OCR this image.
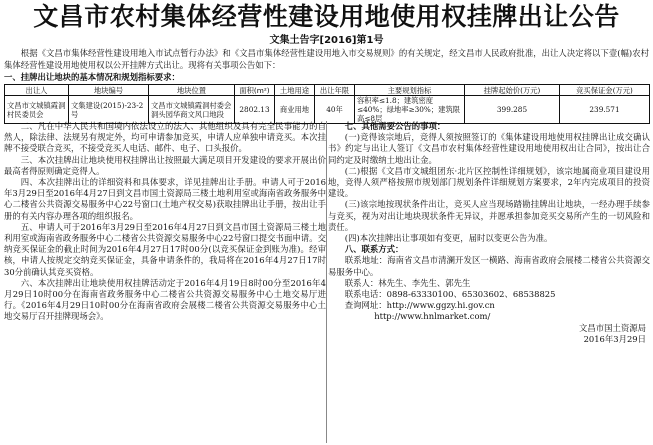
文昌市农村集体经营性建设用地使用权挂牌出让公告
文集土告字[2016]第1号

根据《文昌市集体经营性建设用地入市试点暂行办法》和《文昌市集体经营性建设用地入市交易规则》的有关规定，经文昌市人民政府批准，出让人决定将以下壹(幅)农村集体经营性建设用地使用权以公开挂牌方式出让。现将有关事项公告如下：

一、挂牌出让地块的基本情况和规划指标要求：
出让人	地块编号	地块位置	面积(m²)	土地用途	出让年限	主要规划指标	挂牌起始价(万元)	竞买保证金(万元)
文昌市文城镇霞洞村民委员会	文集建设(2015)-23-2号	文昌市文城镇霞洞村委会洞头园华商文风口地段	2802.13	商业用地	40年	容积率≤1.8；建筑密度≤40%；绿地率≥30%；建筑限高≤8层	399.285	239.571

二、凡在中华人民共和国境内依法设立的法人、其他组织及具有完全民事能力的自然人，除法律、法规另有规定外，均可申请参加竞买，申请人应单独申请竞买。本次挂牌不接受联合竞买，不接受竞买人电话、邮件、电子、口头报价。

三、本次挂牌出让地块使用权挂牌出让按照最大满足项目开发建设的要求开展出价最高者得原则确定竞得人。

四、本次挂牌出让的详细资料和具体要求，详见挂牌出让手册。申请人可于2016年3月29日至2016年4月27日到文昌市国土资源局三楼土地利用室或海南省政务服务中心二楼省公共资源交易服务中心22号窗口(土地产权交易)获取挂牌出让手册，按出让手册的有关内容办理各项的组织报名。

五、申请人可于2016年3月29日至2016年4月27日到文昌市国土资源局三楼土地利用室或海南省政务服务中心二楼省公共资源交易服务中心22号窗口提交书面申请。交纳竞买保证金的截止时间为2016年4月27日17时00分(以竞买保证金到账为准)。经审核，申请人按规定交纳竞买保证金，具备申请条件的，我局将在2016年4月27日17时30分前确认其竞买资格。

六、本次挂牌出让地块使用权挂牌活动定于2016年4月19日8时00分至2016年4月29日10时00分在海南省政务服务中心二楼省公共资源交易服务中心土地交易厅进行。《2016年4月29日10时00分在海南省政府会展楼二楼省公共资源交易服务中心土地交易厅召开挂牌现场会》。

七、其他需要公告的事项：

(一)竞得该宗地后，竞得人须按照签订的《集体建设用地使用权挂牌出让成交确认书》约定与出让人签订《文昌市农村集体经营性建设用地使用权出让合同》，按出让合同约定及时缴纳土地出让金。

(二)根据《文昌市文城组团东·北片区控制性详细规划》，该宗地属商业项目建设用地，竞得人须严格按照市规划部门规划条件详细规划方案要求，2年内完成项目的投资建设。

(三)该宗地按现状条件出让，竞买人应当现场踏勘挂牌出让地块，一经办理手续参与竞买，视为对出让地块现状条件无异议，并愿承担参加竞买交易所产生的一切风险和责任。

(四)本次挂牌出让事项如有变更，届时以变更公告为准。

八、联系方式：

联系地址：海南省文昌市清澜开发区一横路、海南省政府会展楼二楼省公共资源交易服务中心。

联系人：林先生、李先生、郭先生

联系电话：0898-63330100、65303602、68538825

查询网址：http://www.ggzy.hi.gov.cn

http://www.hnlmarket.com/

文昌市国土资源局

2016年3月29日
